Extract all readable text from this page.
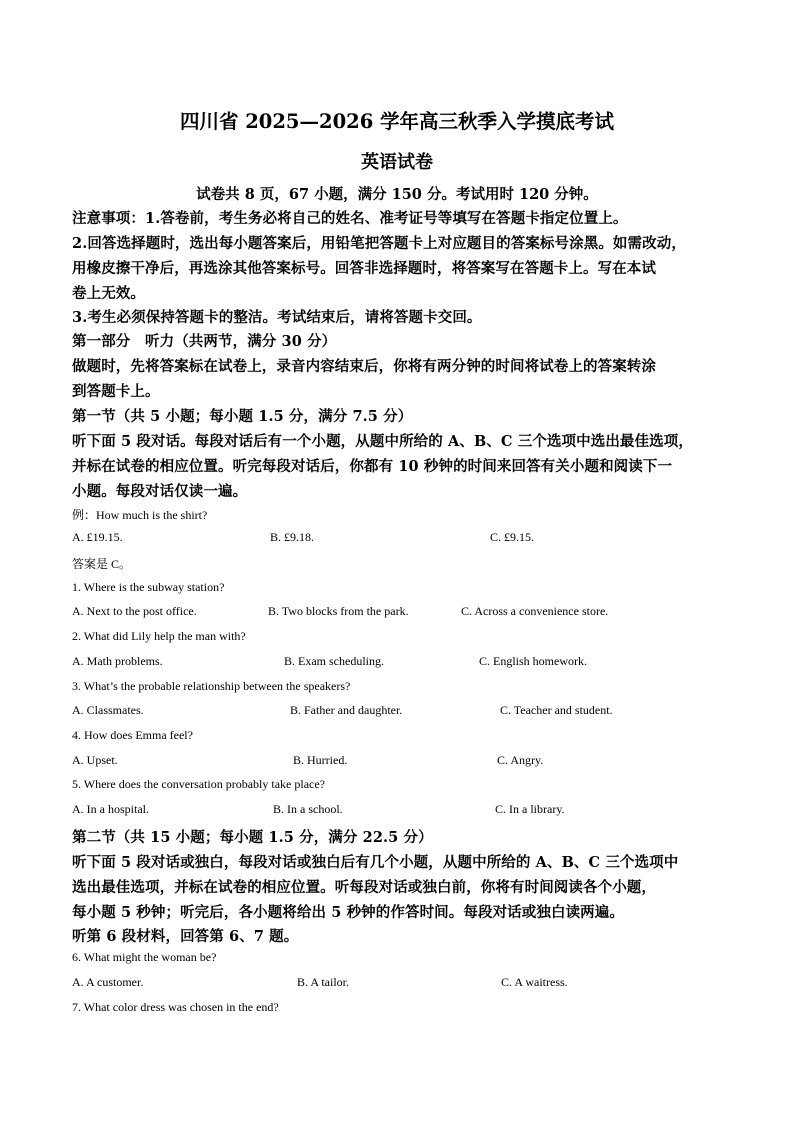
四川省 2025—2026 学年高三秋季入学摸底考试
英语试卷
试卷共 8 页，67 小题，满分 150 分。考试用时 120 分钟。
注意事项：1.答卷前，考生务必将自己的姓名、准考证号等填写在答题卡指定位置上。
2.回答选择题时，选出每小题答案后，用铅笔把答题卡上对应题目的答案标号涂黑。如需改动，
用橡皮擦干净后，再选涂其他答案标号。回答非选择题时，将答案写在答题卡上。写在本试
卷上无效。
3.考生必须保持答题卡的整洁。考试结束后，请将答题卡交回。
第一部分　听力（共两节，满分 30 分）
做题时，先将答案标在试卷上，录音内容结束后，你将有两分钟的时间将试卷上的答案转涂
到答题卡上。
第一节（共 5 小题；每小题 1.5 分，满分 7.5 分）
听下面 5 段对话。每段对话后有一个小题，从题中所给的 A、B、C 三个选项中选出最佳选项，
并标在试卷的相应位置。听完每段对话后，你都有 10 秒钟的时间来回答有关小题和阅读下一
小题。每段对话仅读一遍。
例：How much is the shirt?
A. £19.15.	B. £9.18.	C. £9.15.
答案是 C。
1. Where is the subway station?
A. Next to the post office.	B. Two blocks from the park.	C. Across a convenience store.
2. What did Lily help the man with?
A. Math problems.	B. Exam scheduling.	C. English homework.
3. What’s the probable relationship between the speakers?
A. Classmates.	B. Father and daughter.	C. Teacher and student.
4. How does Emma feel?
A. Upset.	B. Hurried.	C. Angry.
5. Where does the conversation probably take place?
A. In a hospital.	B. In a school.	C. In a library.
第二节（共 15 小题；每小题 1.5 分，满分 22.5 分）
听下面 5 段对话或独白，每段对话或独白后有几个小题，从题中所给的 A、B、C 三个选项中
选出最佳选项，并标在试卷的相应位置。听每段对话或独白前，你将有时间阅读各个小题，
每小题 5 秒钟；听完后，各小题将给出 5 秒钟的作答时间。每段对话或独白读两遍。
听第 6 段材料，回答第 6、7 题。
6. What might the woman be?
A. A customer.	B. A tailor.	C. A waitress.
7. What color dress was chosen in the end?
